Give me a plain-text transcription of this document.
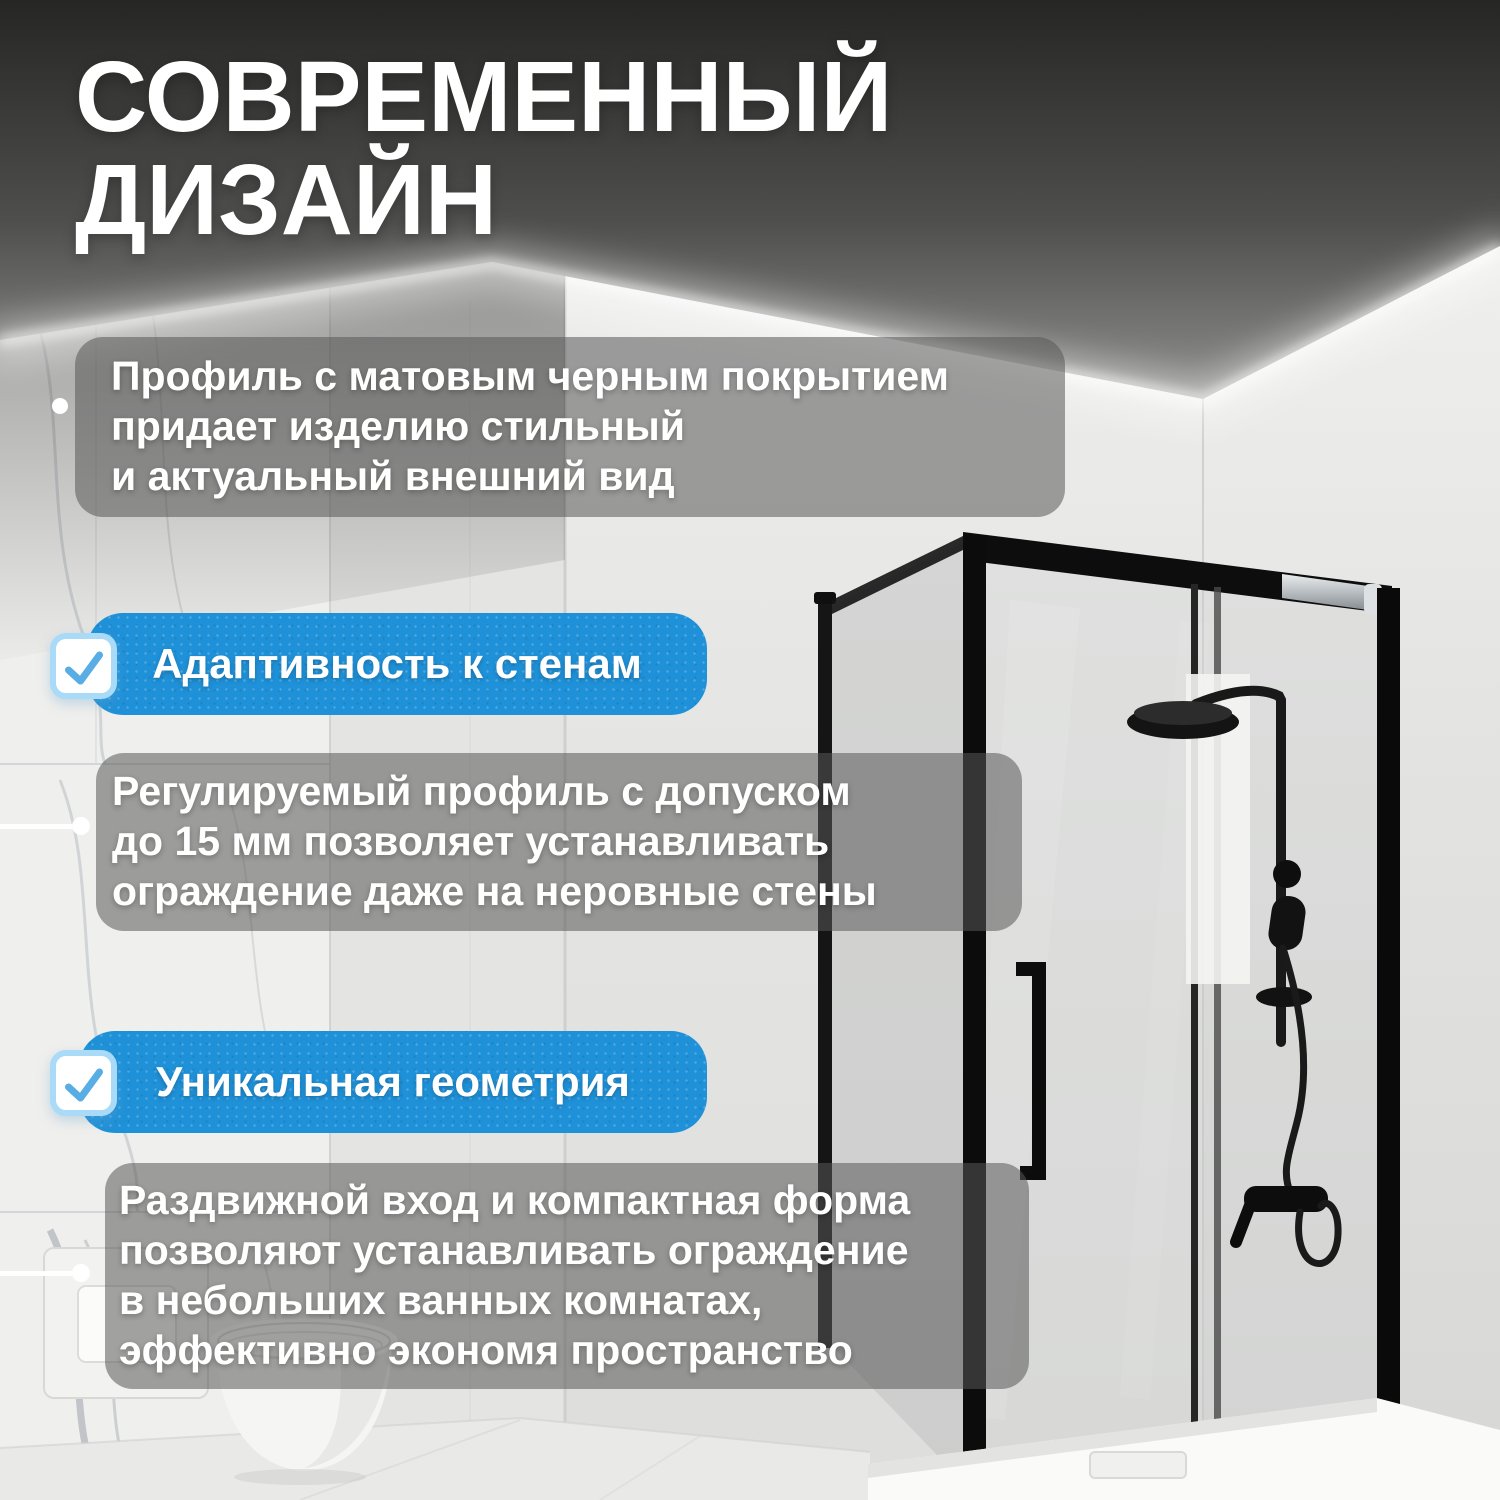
СОВРЕМЕННЫЙ
ДИЗАЙН
Профиль с матовым черным покрытием
придает изделию стильный
и актуальный внешний вид
Адаптивность к стенам
Регулируемый профиль с допуском
до 15 мм позволяет устанавливать
ограждение даже на неровные стены
Уникальная геометрия
Раздвижной вход и компактная форма
позволяют устанавливать ограждение
в небольших ванных комнатах,
эффективно экономя пространство
